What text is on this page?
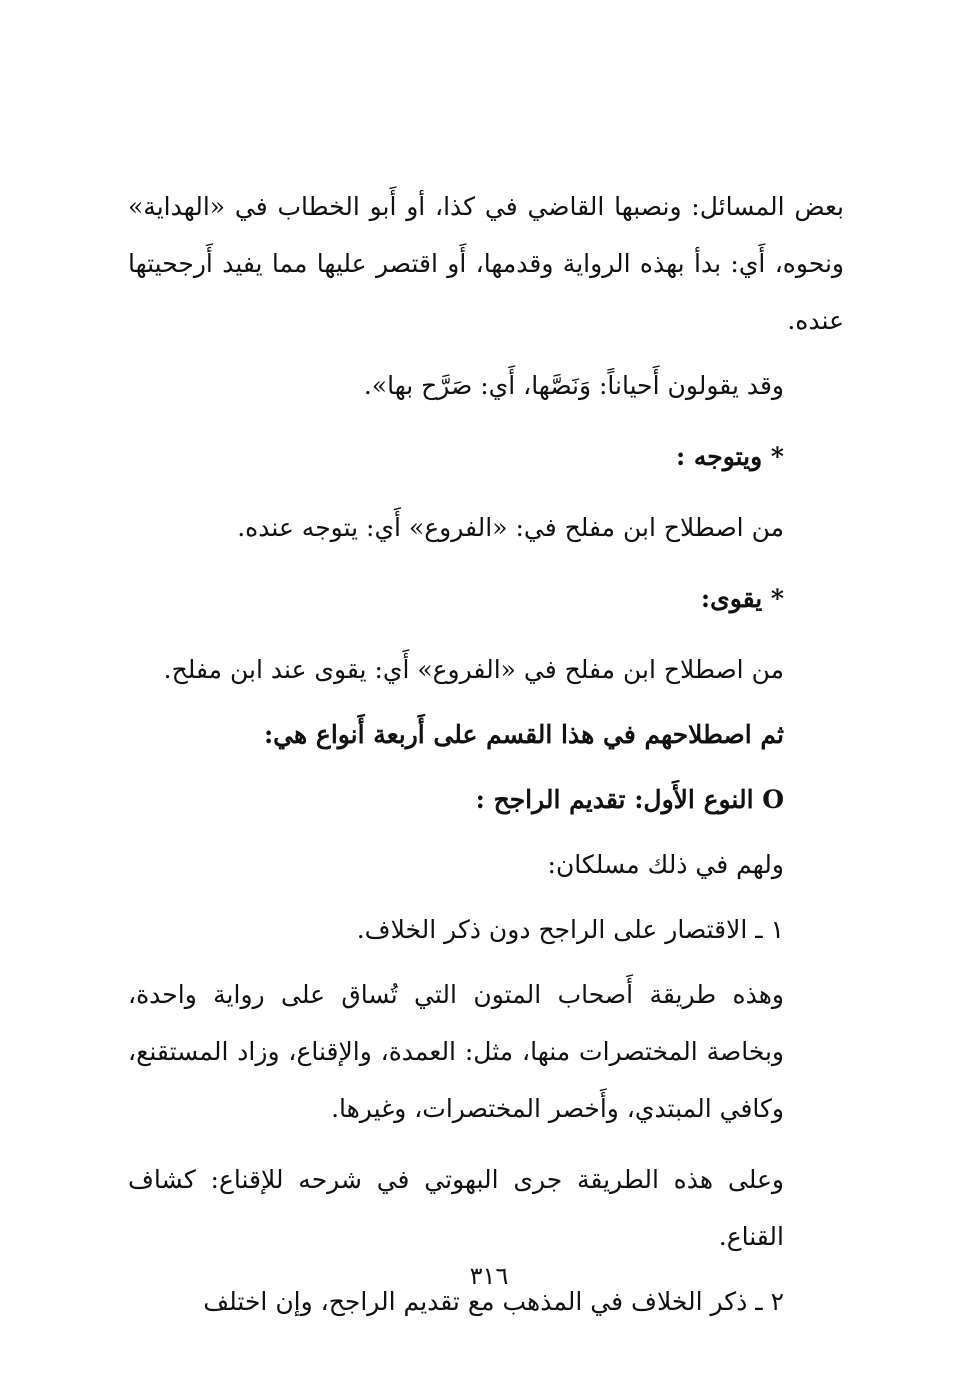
بعض المسائل: ونصبها القاضي في كذا، أو أَبو الخطاب في «الهداية» ونحوه، أَي: بدأ بهذه الرواية وقدمها، أَو اقتصر عليها مما يفيد أَرجحيتها عنده.

وقد يقولون أَحياناً: وَنَصَّها، أَي: صَرَّح بها».

* ويتوجه :

من اصطلاح ابن مفلح في: «الفروع» أَي: يتوجه عنده.

* يقوى:

من اصطلاح ابن مفلح في «الفروع» أَي: يقوى عند ابن مفلح.

ثم اصطلاحهم في هذا القسم على أَربعة أَنواع هي:

O النوع الأَول: تقديم الراجح :

ولهم في ذلك مسلكان:

١ ـ الاقتصار على الراجح دون ذكر الخلاف.

وهذه طريقة أَصحاب المتون التي تُساق على رواية واحدة، وبخاصة المختصرات منها، مثل: العمدة، والإقناع، وزاد المستقنع، وكافي المبتدي، وأَخصر المختصرات، وغيرها.

وعلى هذه الطريقة جرى البهوتي في شرحه للإقناع: كشاف القناع.

٢ ـ ذكر الخلاف في المذهب مع تقديم الراجح، وإن اختلف

٣١٦
